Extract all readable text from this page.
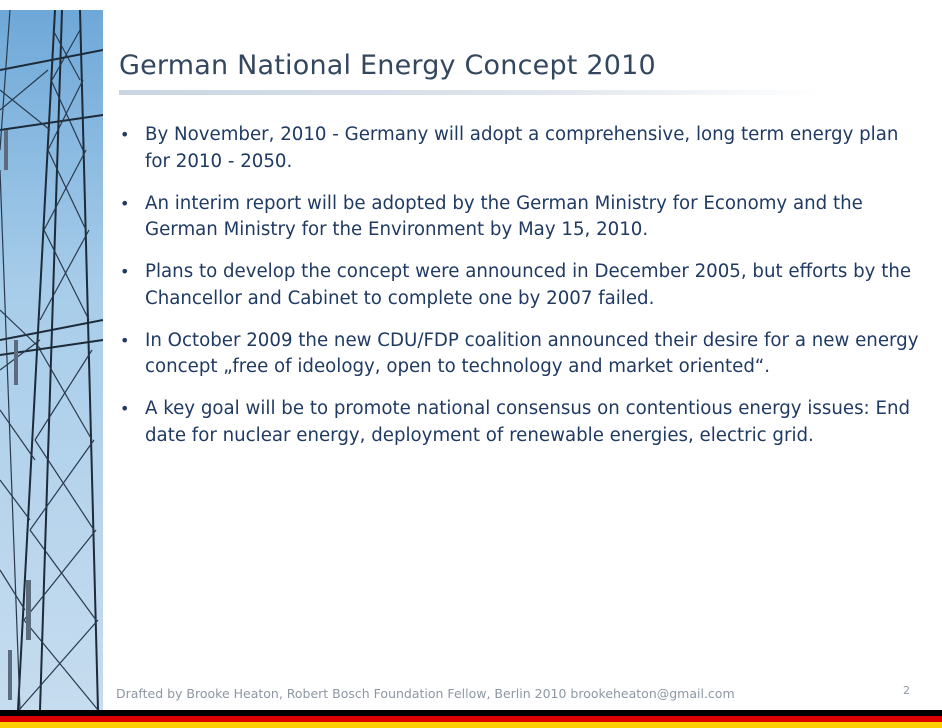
German National Energy Concept 2010
• By November, 2010 - Germany will adopt a comprehensive, long term energy plan for 2010 - 2050.
• An interim report will be adopted by the German Ministry for Economy and the German Ministry for the Environment by May 15, 2010.
• Plans to develop the concept were announced in December 2005, but efforts by the Chancellor and Cabinet to complete one by 2007 failed.
• In October 2009 the new CDU/FDP coalition announced their desire for a new energy concept „free of ideology, open to technology and market oriented“.
• A key goal will be to promote national consensus on contentious energy issues: End date for nuclear energy, deployment of renewable energies, electric grid.
Drafted by Brooke Heaton, Robert Bosch Foundation Fellow, Berlin 2010 brookeheaton@gmail.com	2
